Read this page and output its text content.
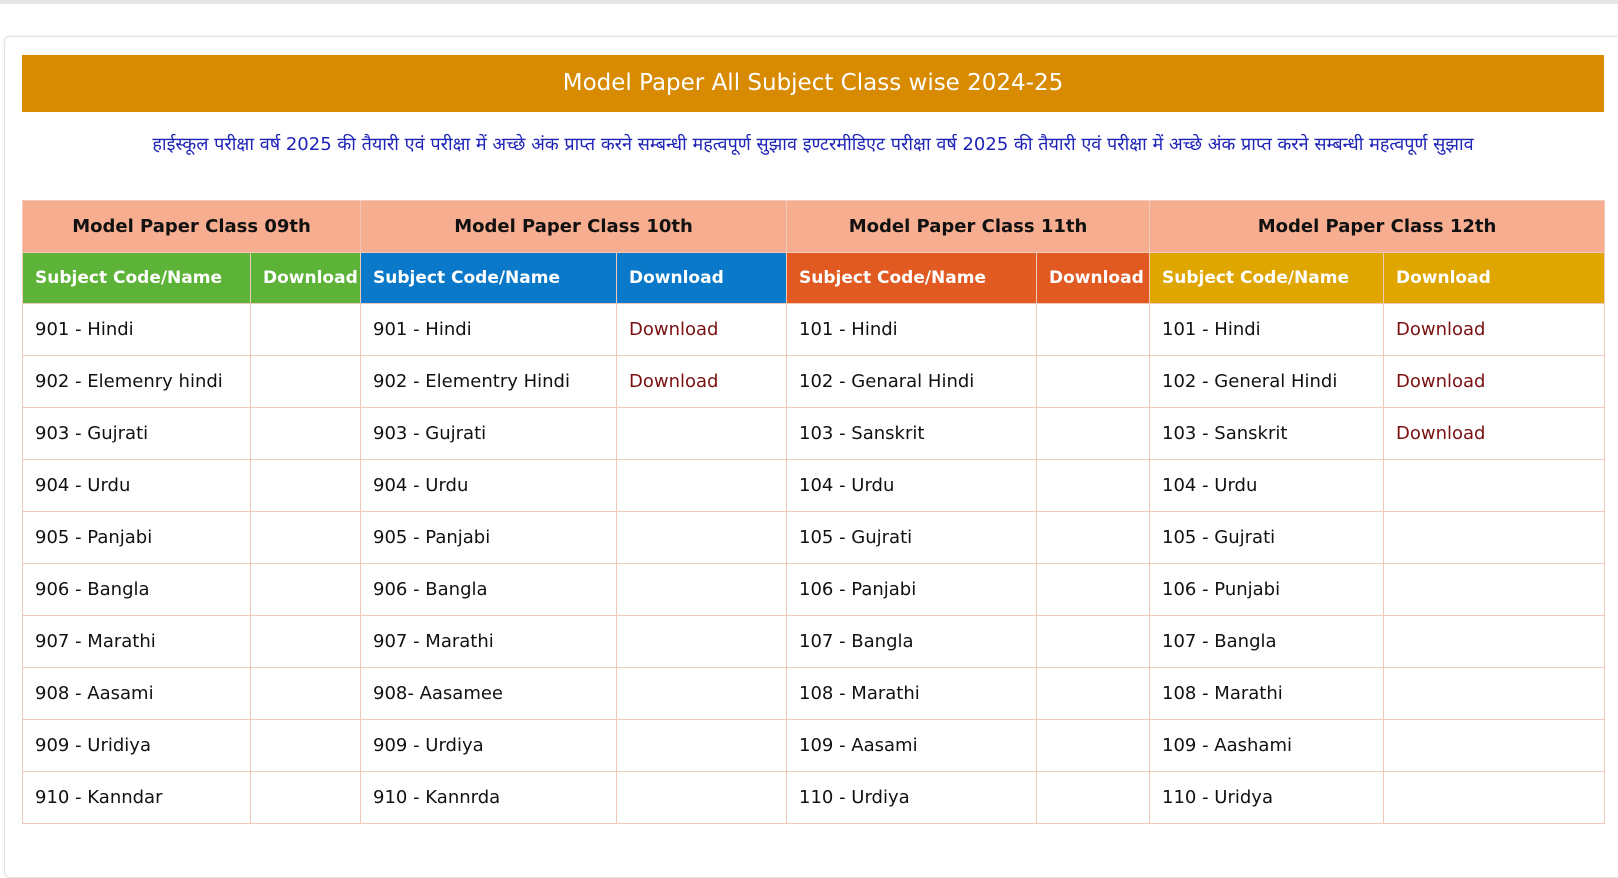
Model Paper All Subject Class wise 2024-25
हाईस्कूल परीक्षा वर्ष 2025 की तैयारी एवं परीक्षा में अच्छे अंक प्राप्त करने सम्बन्धी महत्वपूर्ण सुझाव इण्टरमीडिएट परीक्षा वर्ष 2025 की तैयारी एवं परीक्षा में अच्छे अंक प्राप्त करने सम्बन्धी महत्वपूर्ण सुझाव
Model Paper Class 09th		Model Paper Class 10th		Model Paper Class 11th		Model Paper Class 12th	
Subject Code/Name	Download	Subject Code/Name	Download	Subject Code/Name	Download	Subject Code/Name	Download
901 - Hindi		901 - Hindi	Download	101 - Hindi		101 - Hindi	Download
902 - Elemenry hindi		902 - Elementry Hindi	Download	102 - Genaral Hindi		102 - General Hindi	Download
903 - Gujrati		903 - Gujrati		103 - Sanskrit		103 - Sanskrit	Download
904 - Urdu		904 - Urdu		104 - Urdu		104 - Urdu	
905 - Panjabi		905 - Panjabi		105 - Gujrati		105 - Gujrati	
906 - Bangla		906 - Bangla		106 - Panjabi		106 - Punjabi	
907 - Marathi		907 - Marathi		107 - Bangla		107 - Bangla	
908 - Aasami		908- Aasamee		108 - Marathi		108 - Marathi	
909 - Uridiya		909 - Urdiya		109 - Aasami		109 - Aashami	
910 - Kanndar		910 - Kannrda		110 - Urdiya		110 - Uridya	
